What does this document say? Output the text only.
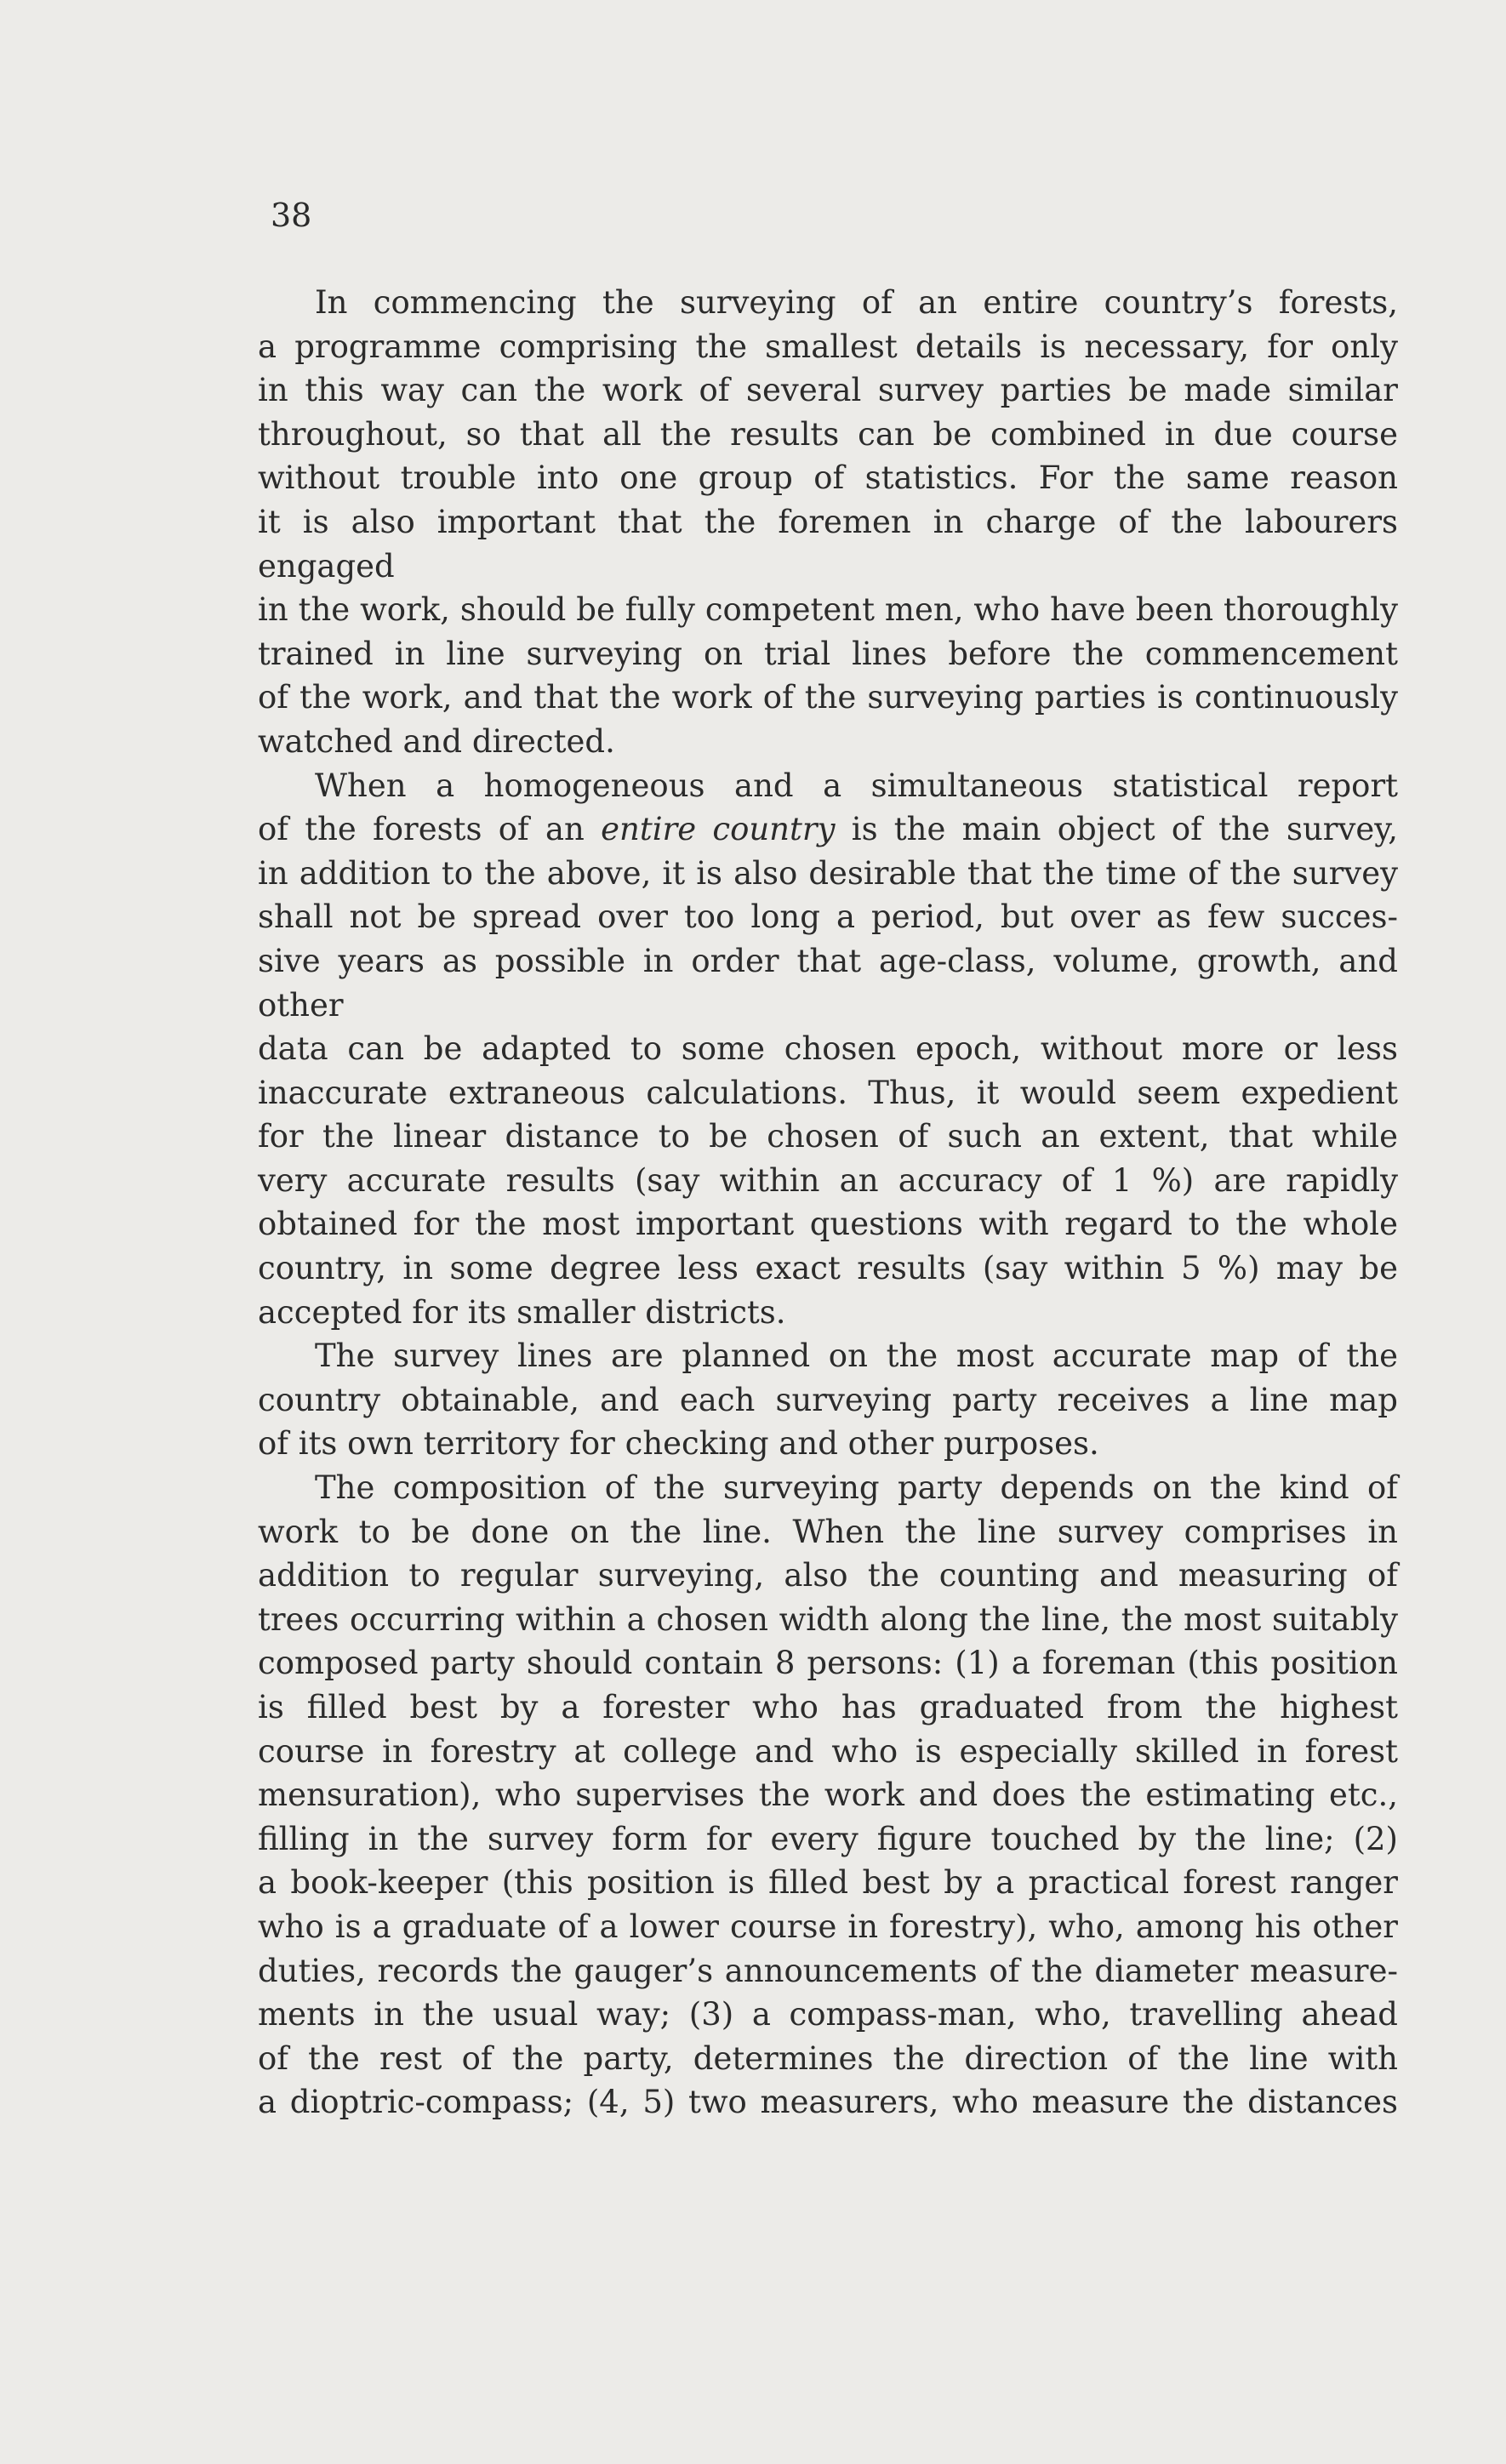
38

In commencing the surveying of an entire country’s forests,
a programme comprising the smallest details is necessary, for only
in this way can the work of several survey parties be made similar
throughout, so that all the results can be combined in due course
without trouble into one group of statistics. For the same reason
it is also important that the foremen in charge of the labourers engaged
in the work, should be fully competent men, who have been thoroughly
trained in line surveying on trial lines before the commencement
of the work, and that the work of the surveying parties is continuously
watched and directed.
When a homogeneous and a simultaneous statistical report
of the forests of an entire country is the main object of the survey,
in addition to the above, it is also desirable that the time of the survey
shall not be spread over too long a period, but over as few succes-
sive years as possible in order that age-class, volume, growth, and other
data can be adapted to some chosen epoch, without more or less
inaccurate extraneous calculations. Thus, it would seem expedient
for the linear distance to be chosen of such an extent, that while
very accurate results (say within an accuracy of 1 %) are rapidly
obtained for the most important questions with regard to the whole
country, in some degree less exact results (say within 5 %) may be
accepted for its smaller districts.
The survey lines are planned on the most accurate map of the
country obtainable, and each surveying party receives a line map
of its own territory for checking and other purposes.
The composition of the surveying party depends on the kind of
work to be done on the line. When the line survey comprises in
addition to regular surveying, also the counting and measuring of
trees occurring within a chosen width along the line, the most suitably
composed party should contain 8 persons: (1) a foreman (this position
is filled best by a forester who has graduated from the highest
course in forestry at college and who is especially skilled in forest
mensuration), who supervises the work and does the estimating etc.,
filling in the survey form for every figure touched by the line; (2)
a book-keeper (this position is filled best by a practical forest ranger
who is a graduate of a lower course in forestry), who, among his other
duties, records the gauger’s announcements of the diameter measure-
ments in the usual way; (3) a compass-man, who, travelling ahead
of the rest of the party, determines the direction of the line with
a dioptric-compass; (4, 5) two measurers, who measure the distances
